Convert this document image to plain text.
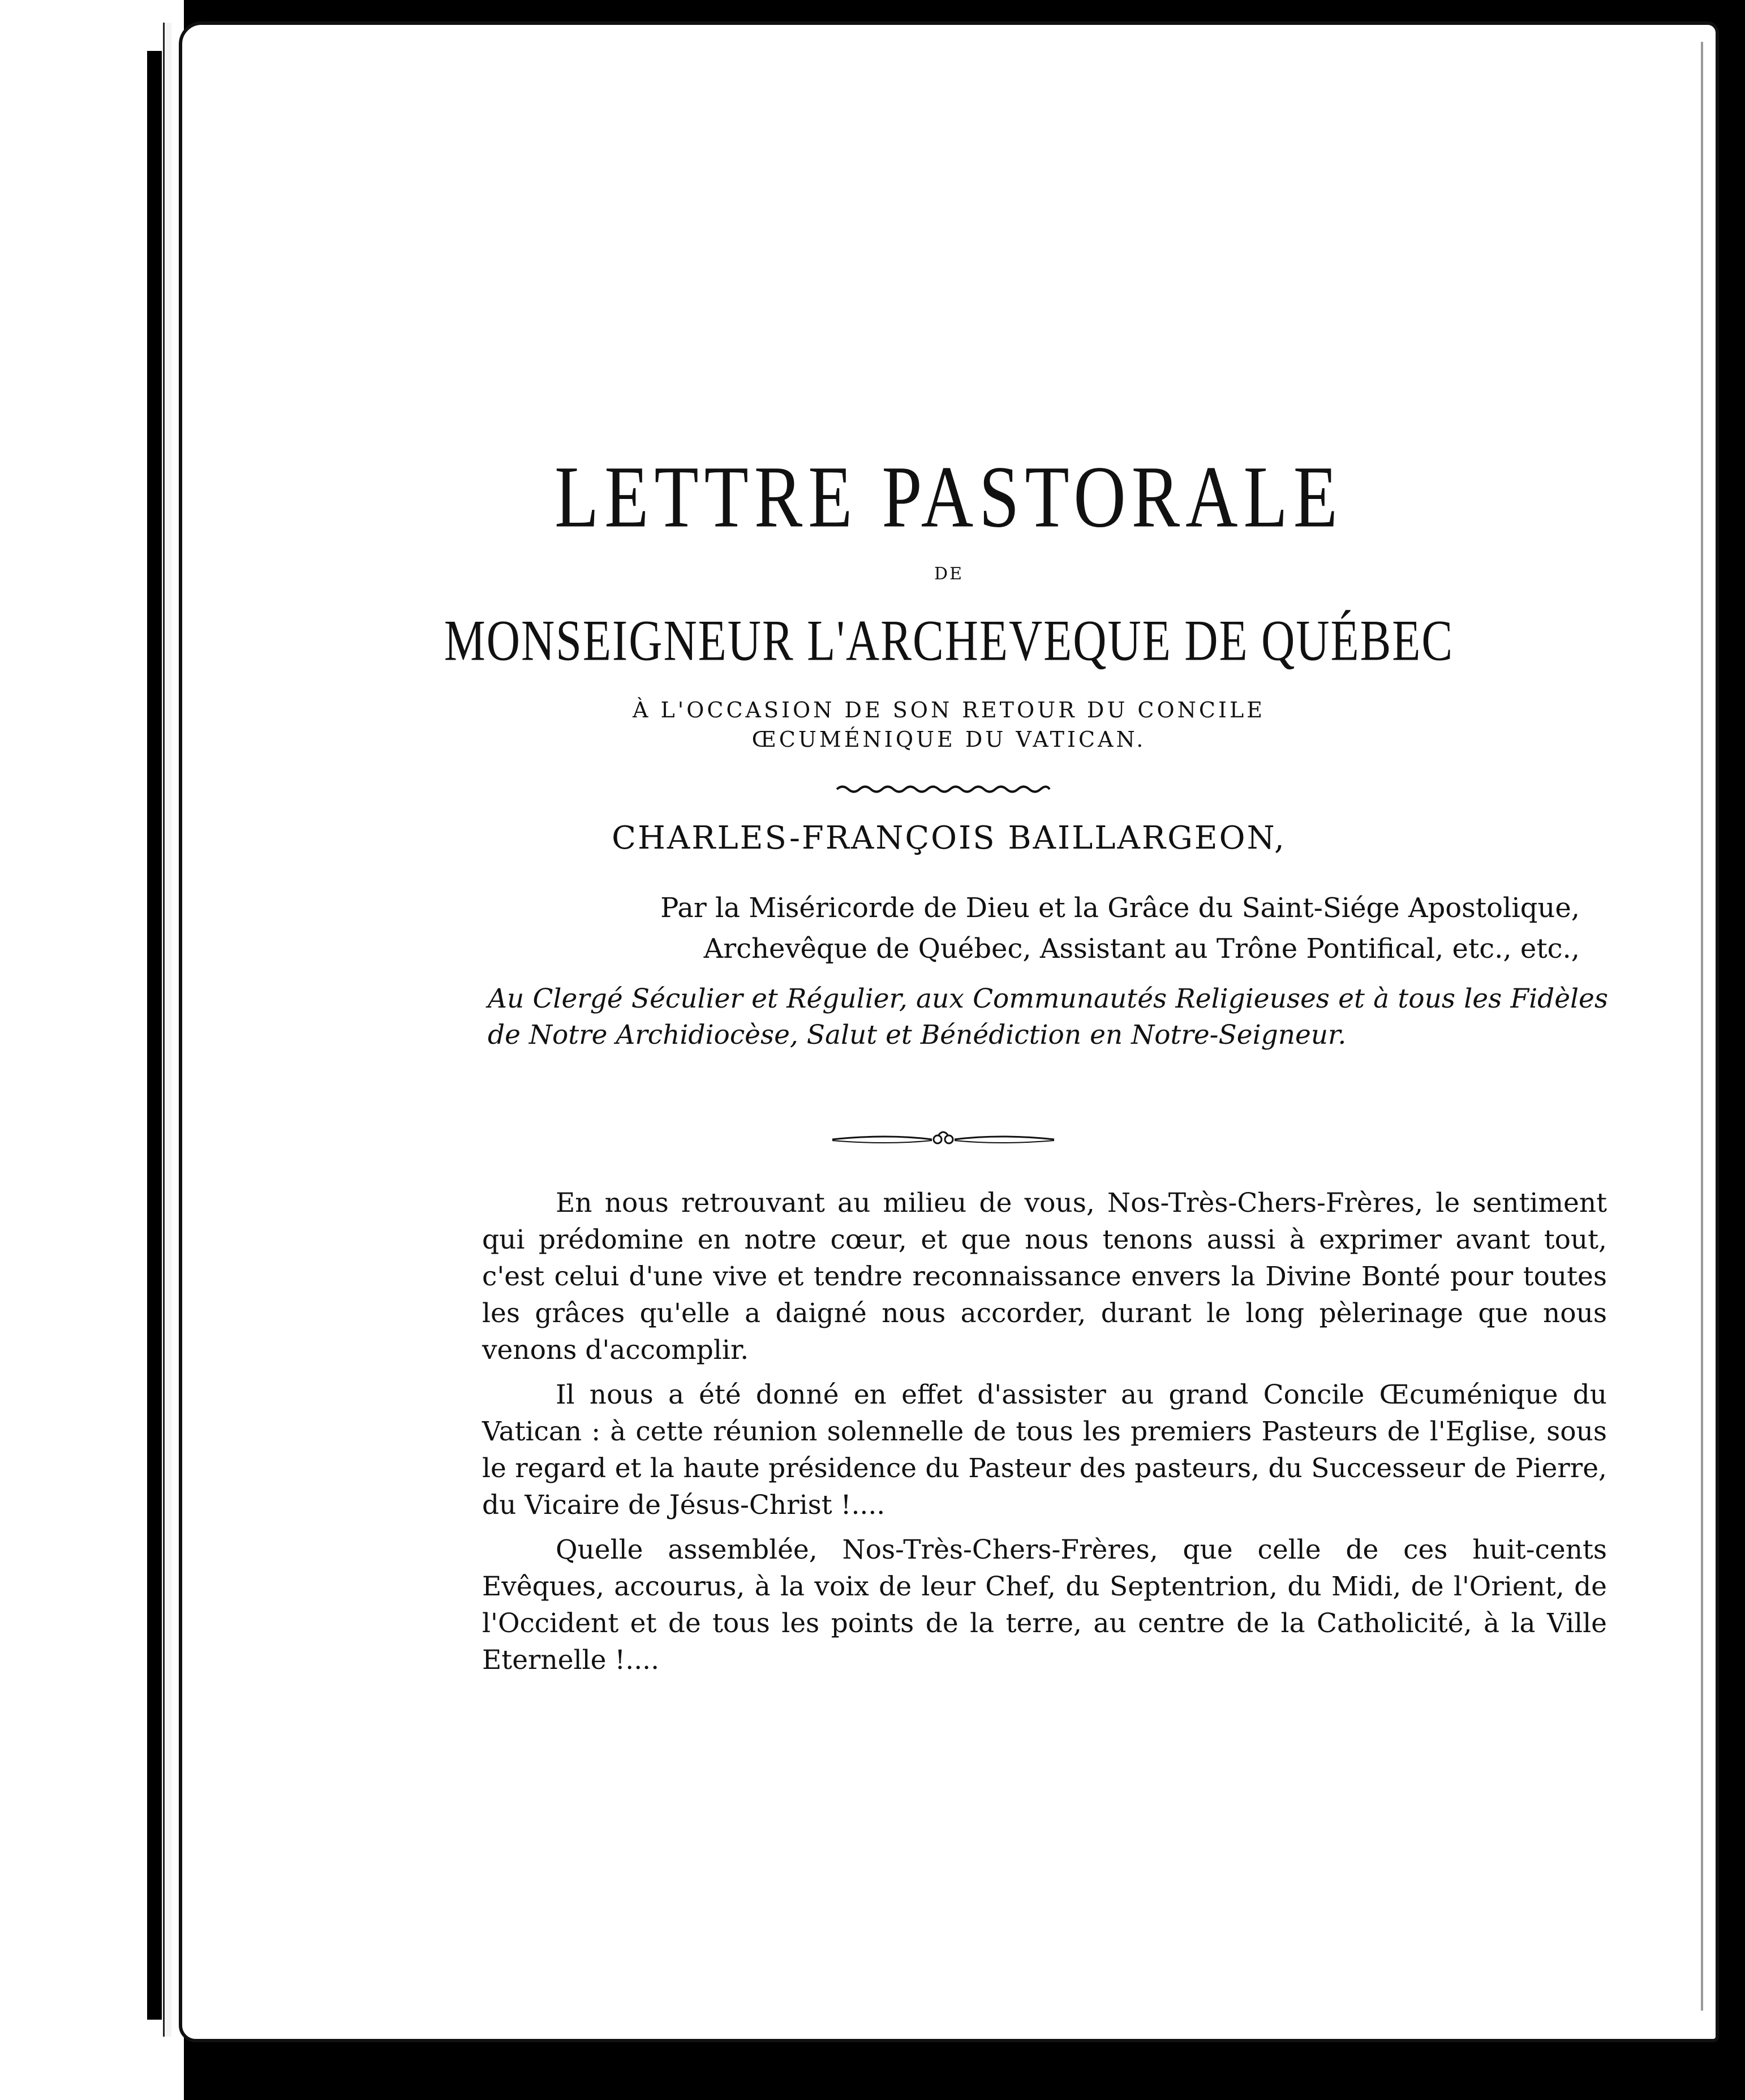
LETTRE PASTORALE
DE
MONSEIGNEUR L'ARCHEVEQUE DE QUÉBEC
À L'OCCASION DE SON RETOUR DU CONCILE
ŒCUMÉNIQUE DU VATICAN.
CHARLES-FRANÇOIS BAILLARGEON,
Par la Miséricorde de Dieu et la Grâce du Saint-Siége Apostolique,
Archevêque de Québec, Assistant au Trône Pontifical, etc., etc.,
Au Clergé Séculier et Régulier, aux Communautés Religieuses et à tous les Fidèles de Notre Archidiocèse, Salut et Bénédiction en Notre-Seigneur.

En nous retrouvant au milieu de vous, Nos-Très-Chers-Frères, le sentiment qui prédomine en notre cœur, et que nous tenons aussi à exprimer avant tout, c'est celui d'une vive et tendre reconnaissance envers la Divine Bonté pour toutes les grâces qu'elle a daigné nous accorder, durant le long pèlerinage que nous venons d'accomplir.

Il nous a été donné en effet d'assister au grand Concile Œcuménique du Vatican : à cette réunion solennelle de tous les premiers Pasteurs de l'Eglise, sous le regard et la haute présidence du Pasteur des pasteurs, du Successeur de Pierre, du Vicaire de Jésus-Christ !....

Quelle assemblée, Nos-Très-Chers-Frères, que celle de ces huit-cents Evêques, accourus, à la voix de leur Chef, du Septentrion, du Midi, de l'Orient, de l'Occident et de tous les points de la terre, au centre de la Catholicité, à la Ville Eternelle !....
